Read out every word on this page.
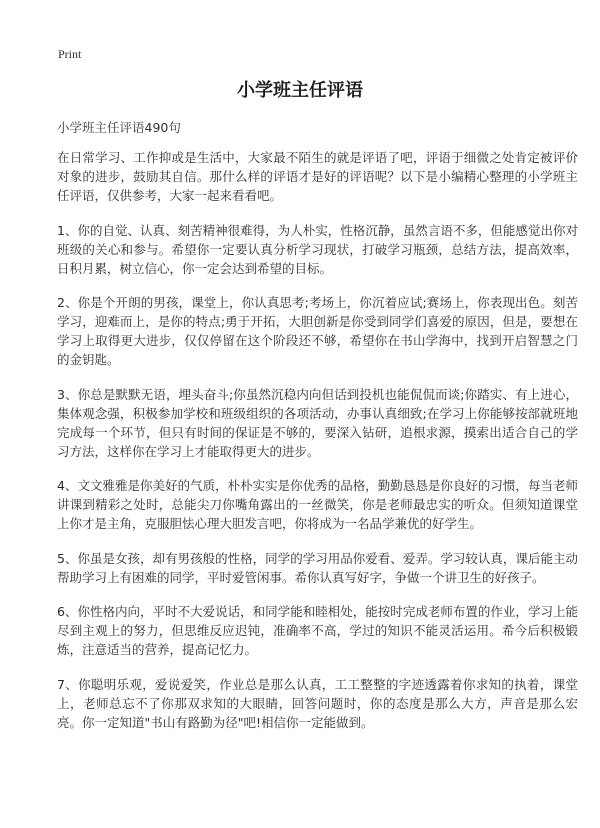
Print
小学班主任评语
小学班主任评语490句

在日常学习、工作抑或是生活中，大家最不陌生的就是评语了吧，评语于细微之处肯定被评价对象的进步，鼓励其自信。那什么样的评语才是好的评语呢？以下是小编精心整理的小学班主任评语，仅供参考，大家一起来看看吧。

1、你的自觉、认真、刻苦精神很难得，为人朴实，性格沉静，虽然言语不多，但能感觉出你对班级的关心和参与。希望你一定要认真分析学习现状，打破学习瓶颈，总结方法，提高效率，日积月累，树立信心，你一定会达到希望的目标。

2、你是个开朗的男孩，课堂上，你认真思考;考场上，你沉着应试;赛场上，你表现出色。刻苦学习，迎难而上，是你的特点;勇于开拓，大胆创新是你受到同学们喜爱的原因，但是，要想在学习上取得更大进步，仅仅停留在这个阶段还不够，希望你在书山学海中，找到开启智慧之门的金钥匙。

3、你总是默默无语，埋头奋斗;你虽然沉稳内向但话到投机也能侃侃而谈;你踏实、有上进心，集体观念强，积极参加学校和班级组织的各项活动，办事认真细致;在学习上你能够按部就班地完成每一个环节，但只有时间的保证是不够的，要深入钻研，追根求源，摸索出适合自己的学习方法，这样你在学习上才能取得更大的进步。

4、文文雅雅是你美好的气质，朴朴实实是你优秀的品格，勤勤恳恳是你良好的习惯，每当老师讲课到精彩之处时，总能尖刀你嘴角露出的一丝微笑，你是老师最忠实的听众。但须知道课堂上你才是主角，克服胆怯心理大胆发言吧，你将成为一名品学兼优的好学生。

5、你虽是女孩，却有男孩般的性格，同学的学习用品你爱看、爱弄。学习较认真，课后能主动帮助学习上有困难的同学，平时爱管闲事。希你认真写好字，争做一个讲卫生的好孩子。

6、你性格内向，平时不大爱说话，和同学能和睦相处，能按时完成老师布置的作业，学习上能尽到主观上的努力，但思维反应迟钝，准确率不高，学过的知识不能灵活运用。希今后积极锻炼，注意适当的营养，提高记忆力。

7、你聪明乐观，爱说爱笑，作业总是那么认真，工工整整的字迹透露着你求知的执着，课堂上，老师总忘不了你那双求知的大眼睛，回答问题时，你的态度是那么大方，声音是那么宏亮。你一定知道"书山有路勤为径"吧!相信你一定能做到。
